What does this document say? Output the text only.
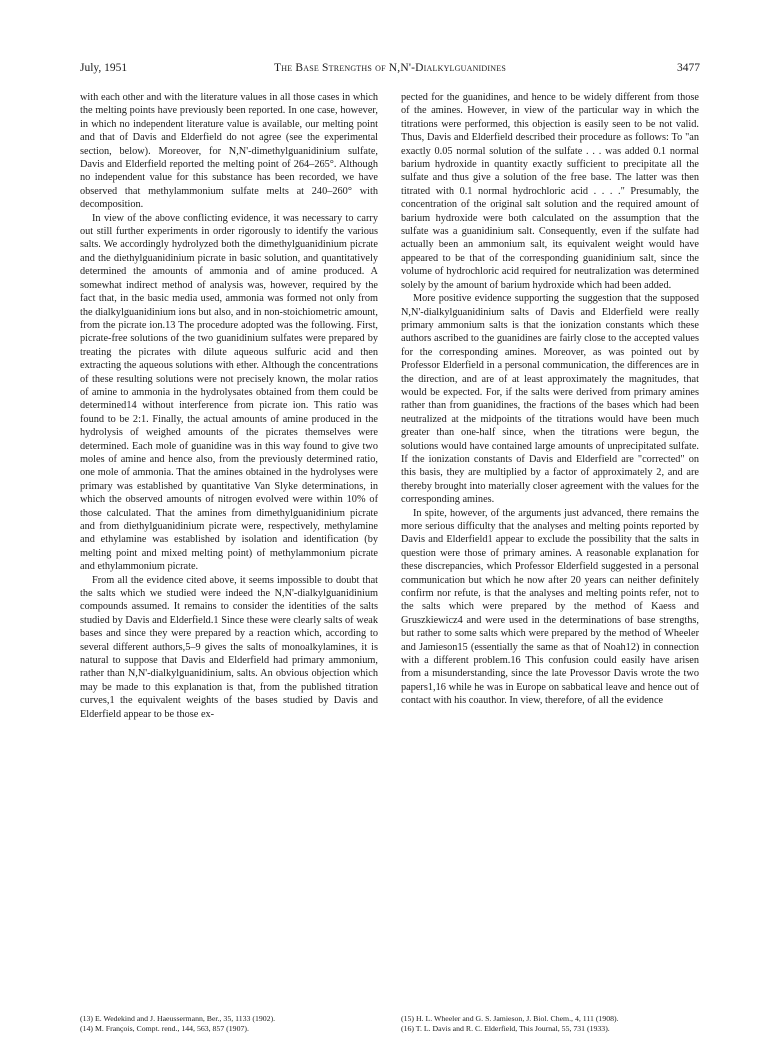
July, 1951	The Base Strengths of N,N'-Dialkylguanidines	3477

with each other and with the literature values in all those cases in which the melting points have previously been reported. In one case, however, in which no independent literature value is available, our melting point and that of Davis and Elderfield do not agree (see the experimental section, below). Moreover, for N,N'-dimethylguanidinium sulfate, Davis and Elderfield reported the melting point of 264–265°. Although no independent value for this substance has been recorded, we have observed that methylammonium sulfate melts at 240–260° with decomposition.

In view of the above conflicting evidence, it was necessary to carry out still further experiments in order rigorously to identify the various salts. We accordingly hydrolyzed both the dimethylguanidinium picrate and the diethylguanidinium picrate in basic solution, and quantitatively determined the amounts of ammonia and of amine produced. A somewhat indirect method of analysis was, however, required by the fact that, in the basic media used, ammonia was formed not only from the dialkylguanidinium ions but also, and in non-stoichiometric amount, from the picrate ion.13 The procedure adopted was the following. First, picrate-free solutions of the two guanidinium sulfates were prepared by treating the picrates with dilute aqueous sulfuric acid and then extracting the aqueous solutions with ether. Although the concentrations of these resulting solutions were not precisely known, the molar ratios of amine to ammonia in the hydrolysates obtained from them could be determined14 without interference from picrate ion. This ratio was found to be 2:1. Finally, the actual amounts of amine produced in the hydrolysis of weighed amounts of the picrates themselves were determined. Each mole of guanidine was in this way found to give two moles of amine and hence also, from the previously determined ratio, one mole of ammonia. That the amines obtained in the hydrolyses were primary was established by quantitative Van Slyke determinations, in which the observed amounts of nitrogen evolved were within 10% of those calculated. That the amines from dimethylguanidinium picrate and from diethylguanidinium picrate were, respectively, methylamine and ethylamine was established by isolation and identification (by melting point and mixed melting point) of methylammonium picrate and ethylammonium picrate.

From all the evidence cited above, it seems impossible to doubt that the salts which we studied were indeed the N,N'-dialkylguanidinium compounds assumed. It remains to consider the identities of the salts studied by Davis and Elderfield.1 Since these were clearly salts of weak bases and since they were prepared by a reaction which, according to several different authors,5–9 gives the salts of monoalkylamines, it is natural to suppose that Davis and Elderfield had primary ammonium, rather than N,N'-dialkylguanidinium, salts. An obvious objection which may be made to this explanation is that, from the published titration curves,1 the equivalent weights of the bases studied by Davis and Elderfield appear to be those ex-

pected for the guanidines, and hence to be widely different from those of the amines. However, in view of the particular way in which the titrations were performed, this objection is easily seen to be not valid. Thus, Davis and Elderfield described their procedure as follows: To "an exactly 0.05 normal solution of the sulfate . . . was added 0.1 normal barium hydroxide in quantity exactly sufficient to precipitate all the sulfate and thus give a solution of the free base. The latter was then titrated with 0.1 normal hydrochloric acid . . . ." Presumably, the concentration of the original salt solution and the required amount of barium hydroxide were both calculated on the assumption that the sulfate was a guanidinium salt. Consequently, even if the sulfate had actually been an ammonium salt, its equivalent weight would have appeared to be that of the corresponding guanidinium salt, since the volume of hydrochloric acid required for neutralization was determined solely by the amount of barium hydroxide which had been added.

More positive evidence supporting the suggestion that the supposed N,N'-dialkylguanidinium salts of Davis and Elderfield were really primary ammonium salts is that the ionization constants which these authors ascribed to the guanidines are fairly close to the accepted values for the corresponding amines. Moreover, as was pointed out by Professor Elderfield in a personal communication, the differences are in the direction, and are of at least approximately the magnitudes, that would be expected. For, if the salts were derived from primary amines rather than from guanidines, the fractions of the bases which had been neutralized at the midpoints of the titrations would have been much greater than one-half since, when the titrations were begun, the solutions would have contained large amounts of unprecipitated sulfate. If the ionization constants of Davis and Elderfield are "corrected" on this basis, they are multiplied by a factor of approximately 2, and are thereby brought into materially closer agreement with the values for the corresponding amines.

In spite, however, of the arguments just advanced, there remains the more serious difficulty that the analyses and melting points reported by Davis and Elderfield1 appear to exclude the possibility that the salts in question were those of primary amines. A reasonable explanation for these discrepancies, which Professor Elderfield suggested in a personal communication but which he now after 20 years can neither definitely confirm nor refute, is that the analyses and melting points refer, not to the salts which were prepared by the method of Kaess and Gruszkiewicz4 and were used in the determinations of base strengths, but rather to some salts which were prepared by the method of Wheeler and Jamieson15 (essentially the same as that of Noah12) in connection with a different problem.16 This confusion could easily have arisen from a misunderstanding, since the late Provessor Davis wrote the two papers1,16 while he was in Europe on sabbatical leave and hence out of contact with his coauthor. In view, therefore, of all the evidence

(13) E. Wedekind and J. Haeussermann, Ber., 35, 1133 (1902).
(14) M. François, Compt. rend., 144, 563, 857 (1907).
(15) H. L. Wheeler and G. S. Jamieson, J. Biol. Chem., 4, 111 (1908).
(16) T. L. Davis and R. C. Elderfield, This Journal, 55, 731 (1933).
